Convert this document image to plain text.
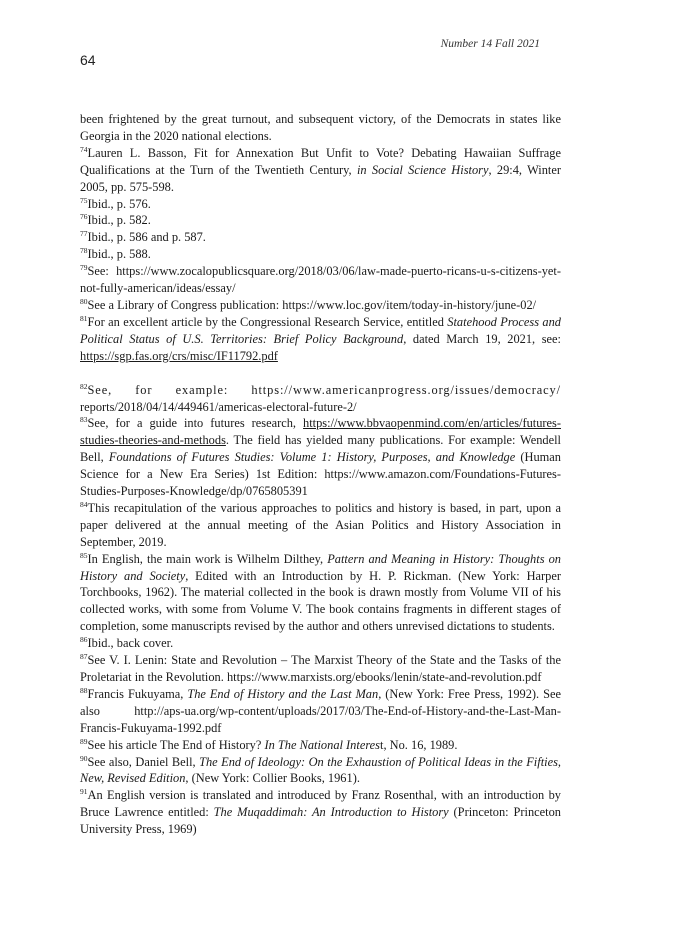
Number 14 Fall 2021
64

been frightened by the great turnout, and subsequent victory, of the Democrats in states like Georgia in the 2020 national elections.

$^{74}$Lauren L. Basson, Fit for Annexation But Unfit to Vote? Debating Hawaiian Suffrage Qualifications at the Turn of the Twentieth Century, in Social Science History, 29:4, Winter 2005, pp. 575-598.

$^{75}$Ibid., p. 576.

$^{76}$Ibid., p. 582.

$^{77}$Ibid., p. 586 and p. 587.

$^{78}$Ibid., p. 588.

$^{79}$See: https://www.zocalopublicsquare.org/2018/03/06/law-made-puerto-ricans-u-s-citizens-yet-not-fully-american/ideas/essay/

$^{80}$See a Library of Congress publication: https://www.loc.gov/item/today-in-history/june-02/

$^{81}$For an excellent article by the Congressional Research Service, entitled Statehood Process and Political Status of U.S. Territories: Brief Policy Background, dated March 19, 2021, see: https://sgp.fas.org/crs/misc/IF11792.pdf

$^{82}$See, for example: https://www.americanprogress.org/issues/democracy/ reports/2018/04/14/449461/americas-electoral-future-2/

$^{83}$See, for a guide into futures research, https://www.bbvaopenmind.com/en/articles/futures-studies-theories-and-methods. The field has yielded many publications. For example: Wendell Bell, Foundations of Futures Studies: Volume 1: History, Purposes, and Knowledge (Human Science for a New Era Series) 1st Edition: https://www.amazon.com/Foundations-Futures-Studies-Purposes-Knowledge/dp/0765805391

$^{84}$This recapitulation of the various approaches to politics and history is based, in part, upon a paper delivered at the annual meeting of the Asian Politics and History Association in September, 2019.

$^{85}$In English, the main work is Wilhelm Dilthey, Pattern and Meaning in History: Thoughts on History and Society, Edited with an Introduction by H. P. Rickman. (New York: Harper Torchbooks, 1962). The material collected in the book is drawn mostly from Volume VII of his collected works, with some from Volume V. The book contains fragments in different stages of completion, some manuscripts revised by the author and others unrevised dictations to students.

$^{86}$Ibid., back cover.

$^{87}$See V. I. Lenin: State and Revolution – The Marxist Theory of the State and the Tasks of the Proletariat in the Revolution. https://www.marxists.org/ebooks/lenin/state-and-revolution.pdf

$^{88}$Francis Fukuyama, The End of History and the Last Man, (New York: Free Press, 1992). See also http://aps-ua.org/wp-content/uploads/2017/03/The-End-of-History-and-the-Last-Man-Francis-Fukuyama-1992.pdf

$^{89}$See his article The End of History? In The National Interest, No. 16, 1989.

$^{90}$See also, Daniel Bell, The End of Ideology: On the Exhaustion of Political Ideas in the Fifties, New, Revised Edition, (New York: Collier Books, 1961).

$^{91}$An English version is translated and introduced by Franz Rosenthal, with an introduction by Bruce Lawrence entitled: The Muqaddimah: An Introduction to History (Princeton: Princeton University Press, 1969)
